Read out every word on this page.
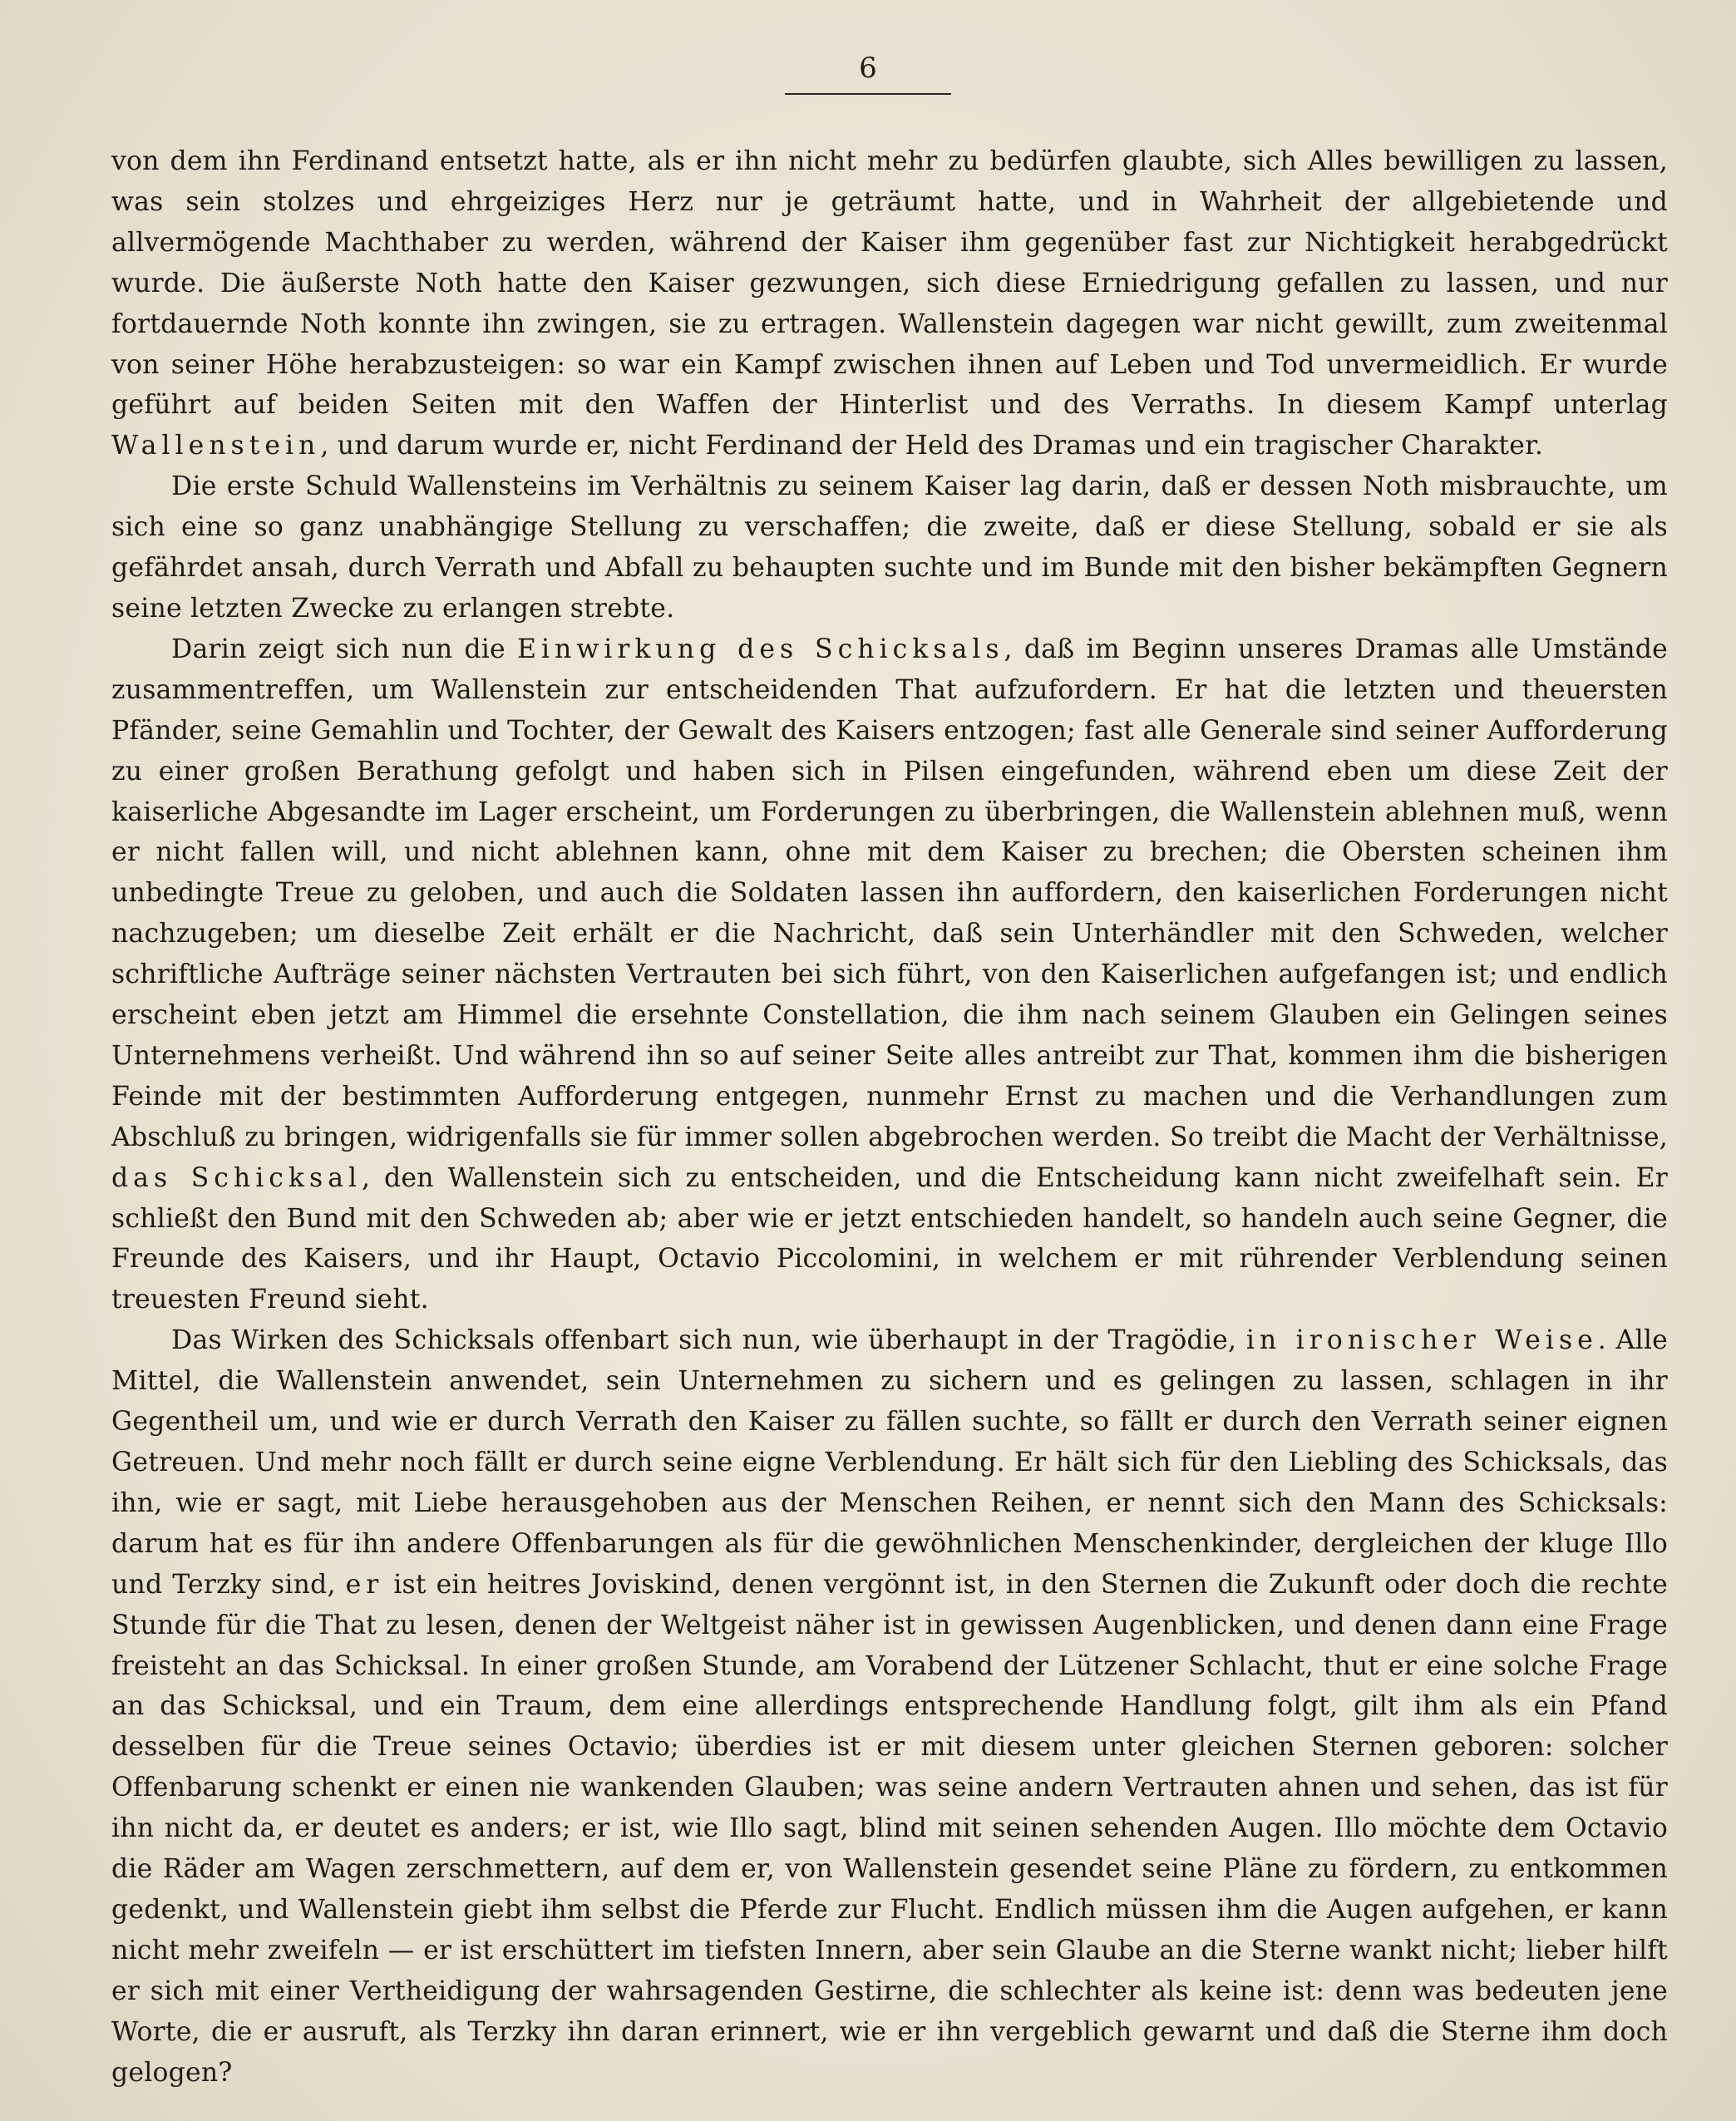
6

von dem ihn Ferdinand entsetzt hatte, als er ihn nicht mehr zu bedürfen glaubte, sich Alles bewilligen zu lassen, was sein stolzes und ehrgeiziges Herz nur je geträumt hatte, und in Wahrheit der allgebietende und allvermögende Machthaber zu werden, während der Kaiser ihm gegenüber fast zur Nichtigkeit herabgedrückt wurde. Die äußerste Noth hatte den Kaiser gezwungen, sich diese Erniedrigung gefallen zu lassen, und nur fortdauernde Noth konnte ihn zwingen, sie zu ertragen. Wallenstein dagegen war nicht gewillt, zum zweitenmal von seiner Höhe herabzusteigen: so war ein Kampf zwischen ihnen auf Leben und Tod unvermeidlich. Er wurde geführt auf beiden Seiten mit den Waffen der Hinterlist und des Verraths. In diesem Kampf unterlag Wallenstein, und darum wurde er, nicht Ferdinand der Held des Dramas und ein tragischer Charakter.

Die erste Schuld Wallensteins im Verhältnis zu seinem Kaiser lag darin, daß er dessen Noth misbrauchte, um sich eine so ganz unabhängige Stellung zu verschaffen; die zweite, daß er diese Stellung, sobald er sie als gefährdet ansah, durch Verrath und Abfall zu behaupten suchte und im Bunde mit den bisher bekämpften Gegnern seine letzten Zwecke zu erlangen strebte.

Darin zeigt sich nun die Einwirkung des Schicksals, daß im Beginn unseres Dramas alle Umstände zusammentreffen, um Wallenstein zur entscheidenden That aufzufordern. Er hat die letzten und theuersten Pfänder, seine Gemahlin und Tochter, der Gewalt des Kaisers entzogen; fast alle Generale sind seiner Aufforderung zu einer großen Berathung gefolgt und haben sich in Pilsen eingefunden, während eben um diese Zeit der kaiserliche Abgesandte im Lager erscheint, um Forderungen zu überbringen, die Wallenstein ablehnen muß, wenn er nicht fallen will, und nicht ablehnen kann, ohne mit dem Kaiser zu brechen; die Obersten scheinen ihm unbedingte Treue zu geloben, und auch die Soldaten lassen ihn auffordern, den kaiserlichen Forderungen nicht nachzugeben; um dieselbe Zeit erhält er die Nachricht, daß sein Unterhändler mit den Schweden, welcher schriftliche Aufträge seiner nächsten Vertrauten bei sich führt, von den Kaiserlichen aufgefangen ist; und endlich erscheint eben jetzt am Himmel die ersehnte Constellation, die ihm nach seinem Glauben ein Gelingen seines Unternehmens verheißt. Und während ihn so auf seiner Seite alles antreibt zur That, kommen ihm die bisherigen Feinde mit der bestimmten Aufforderung entgegen, nunmehr Ernst zu machen und die Verhandlungen zum Abschluß zu bringen, widrigenfalls sie für immer sollen abgebrochen werden. So treibt die Macht der Verhältnisse, das Schicksal, den Wallenstein sich zu entscheiden, und die Entscheidung kann nicht zweifelhaft sein. Er schließt den Bund mit den Schweden ab; aber wie er jetzt entschieden handelt, so handeln auch seine Gegner, die Freunde des Kaisers, und ihr Haupt, Octavio Piccolomini, in welchem er mit rührender Verblendung seinen treuesten Freund sieht.

Das Wirken des Schicksals offenbart sich nun, wie überhaupt in der Tragödie, in ironischer Weise. Alle Mittel, die Wallenstein anwendet, sein Unternehmen zu sichern und es gelingen zu lassen, schlagen in ihr Gegentheil um, und wie er durch Verrath den Kaiser zu fällen suchte, so fällt er durch den Verrath seiner eignen Getreuen. Und mehr noch fällt er durch seine eigne Verblendung. Er hält sich für den Liebling des Schicksals, das ihn, wie er sagt, mit Liebe herausgehoben aus der Menschen Reihen, er nennt sich den Mann des Schicksals: darum hat es für ihn andere Offenbarungen als für die gewöhnlichen Menschenkinder, dergleichen der kluge Illo und Terzky sind, er ist ein heitres Joviskind, denen vergönnt ist, in den Sternen die Zukunft oder doch die rechte Stunde für die That zu lesen, denen der Weltgeist näher ist in gewissen Augenblicken, und denen dann eine Frage freisteht an das Schicksal. In einer großen Stunde, am Vorabend der Lützener Schlacht, thut er eine solche Frage an das Schicksal, und ein Traum, dem eine allerdings entsprechende Handlung folgt, gilt ihm als ein Pfand desselben für die Treue seines Octavio; überdies ist er mit diesem unter gleichen Sternen geboren: solcher Offenbarung schenkt er einen nie wankenden Glauben; was seine andern Vertrauten ahnen und sehen, das ist für ihn nicht da, er deutet es anders; er ist, wie Illo sagt, blind mit seinen sehenden Augen. Illo möchte dem Octavio die Räder am Wagen zerschmettern, auf dem er, von Wallenstein gesendet seine Pläne zu fördern, zu entkommen gedenkt, und Wallenstein giebt ihm selbst die Pferde zur Flucht. Endlich müssen ihm die Augen aufgehen, er kann nicht mehr zweifeln — er ist erschüttert im tiefsten Innern, aber sein Glaube an die Sterne wankt nicht; lieber hilft er sich mit einer Vertheidigung der wahrsagenden Gestirne, die schlechter als keine ist: denn was bedeuten jene Worte, die er ausruft, als Terzky ihn daran erinnert, wie er ihn vergeblich gewarnt und daß die Sterne ihm doch gelogen?
